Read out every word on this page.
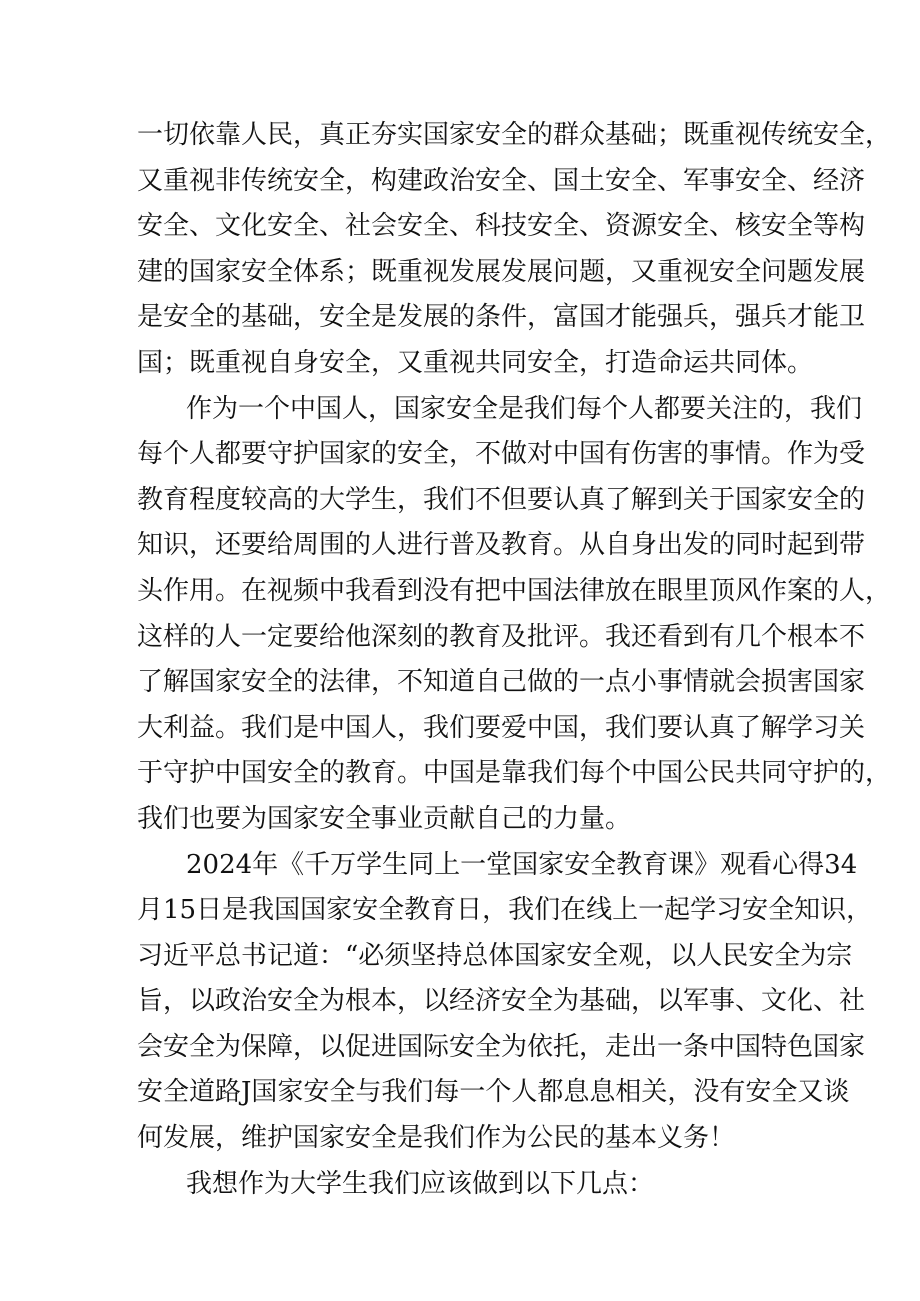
一切依靠人民，真正夯实国家安全的群众基础；既重视传统安全，
又重视非传统安全，构建政治安全、国土安全、军事安全、经济
安全、文化安全、社会安全、科技安全、资源安全、核安全等构
建的国家安全体系；既重视发展发展问题，又重视安全问题发展
是安全的基础，安全是发展的条件，富国才能强兵，强兵才能卫
国；既重视自身安全，又重视共同安全，打造命运共同体。
作为一个中国人，国家安全是我们每个人都要关注的，我们
每个人都要守护国家的安全，不做对中国有伤害的事情。作为受
教育程度较高的大学生，我们不但要认真了解到关于国家安全的
知识，还要给周围的人进行普及教育。从自身出发的同时起到带
头作用。在视频中我看到没有把中国法律放在眼里顶风作案的人，
这样的人一定要给他深刻的教育及批评。我还看到有几个根本不
了解国家安全的法律，不知道自己做的一点小事情就会损害国家
大利益。我们是中国人，我们要爱中国，我们要认真了解学习关
于守护中国安全的教育。中国是靠我们每个中国公民共同守护的，
我们也要为国家安全事业贡献自己的力量。
2024年《千万学生同上一堂国家安全教育课》观看心得34
月15日是我国国家安全教育日，我们在线上一起学习安全知识，
习近平总书记道：“必须坚持总体国家安全观，以人民安全为宗
旨，以政治安全为根本，以经济安全为基础，以军事、文化、社
会安全为保障，以促进国际安全为依托，走出一条中国特色国家
安全道路J国家安全与我们每一个人都息息相关，没有安全又谈
何发展，维护国家安全是我们作为公民的基本义务！
我想作为大学生我们应该做到以下几点：
